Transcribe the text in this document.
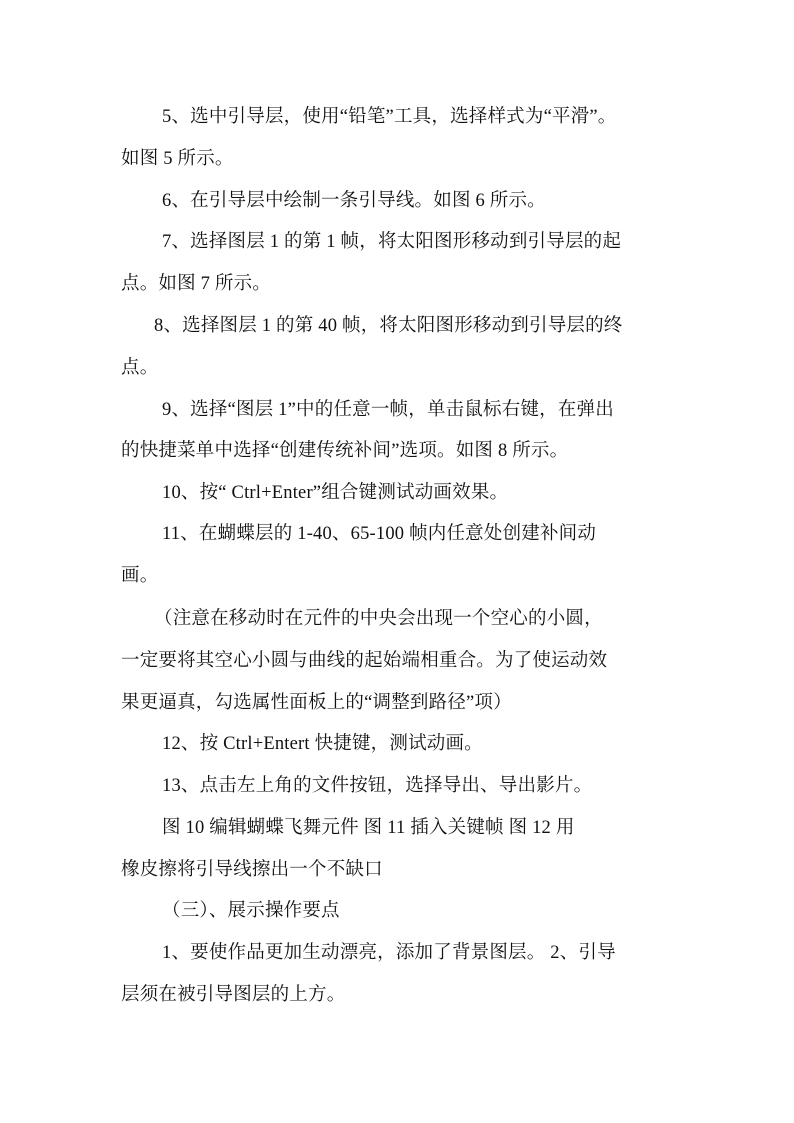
5、选中引导层，使用“铅笔”工具，选择样式为“平滑”。
如图 5 所示。
6、在引导层中绘制一条引导线。如图 6 所示。
7、选择图层 1 的第 1 帧，将太阳图形移动到引导层的起
点。如图 7 所示。
8、选择图层 1 的第 40 帧，将太阳图形移动到引导层的终
点。
9、选择“图层 1”中的任意一帧，单击鼠标右键，在弹出
的快捷菜单中选择“创建传统补间”选项。如图 8 所示。
10、按“ Ctrl+Enter”组合键测试动画效果。
11、在蝴蝶层的 1-40、65-100 帧内任意处创建补间动
画。
（注意在移动时在元件的中央会出现一个空心的小圆，
一定要将其空心小圆与曲线的起始端相重合。为了使运动效
果更逼真，勾选属性面板上的“调整到路径”项）
12、按 Ctrl+Entert 快捷键，测试动画。
13、点击左上角的文件按钮，选择导出、导出影片。
图 10 编辑蝴蝶飞舞元件 图 11 插入关键帧 图 12 用
橡皮擦将引导线擦出一个不缺口
（三）、展示操作要点
1、要使作品更加生动漂亮，添加了背景图层。 2、引导
层须在被引导图层的上方。
